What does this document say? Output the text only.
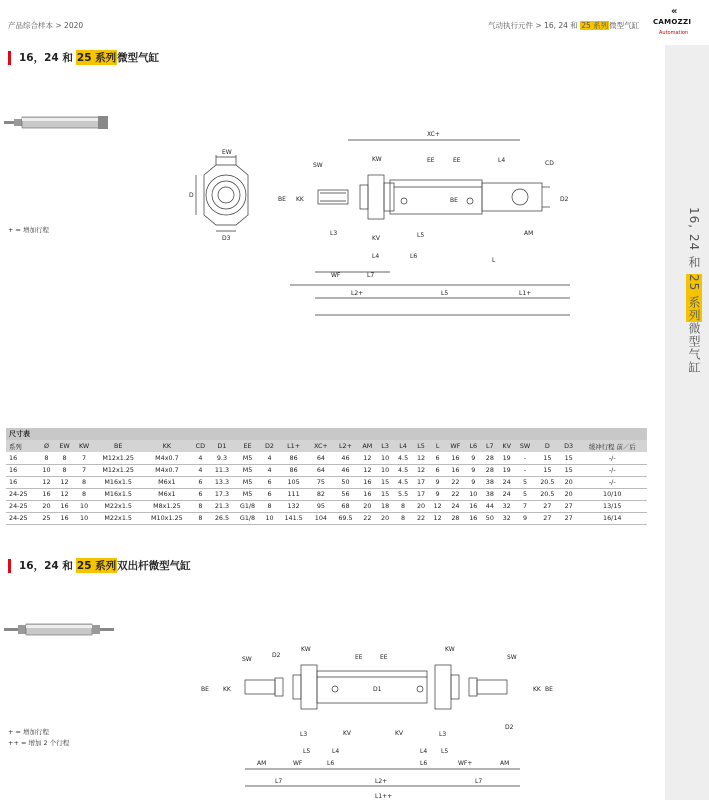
16, 24 和 25 系列微型气缸
«
CAMOZZI
Automation
产品综合样本 > 2020	气动执行元件 > 16, 24 和 25 系列微型气缸
16，24 和 25 系列 微型气缸
+ = 增加行程
EW
D
D3
XC+
KW	EE	EE	L4	CD
SW
BE KK	BE	D2
L3
KV	L5
L4	L6
L
AM
WF	L7
L2+	L5	L1+
尺寸表
系列	Ø	EW	KW	BE	KK	CD	D1	EE	D2	L1+	XC+	L2+	AM	L3	L4	L5	L	WF	L6	L7	KV	SW	D	D3	缓冲行程 前／后
16	8	8	7	M12x1.25	M4x0.7	4	9.3	M5	4	86	64	46	12	10	4.5	12	6	16	9	28	19	-	15	15	-/-
16	10	8	7	M12x1.25	M4x0.7	4	11.3	M5	4	86	64	46	12	10	4.5	12	6	16	9	28	19	-	15	15	-/-
16	12	12	8	M16x1.5	M6x1	6	13.3	M5	6	105	75	50	16	15	4.5	17	9	22	9	38	24	5	20.5	20	-/-
24-25	16	12	8	M16x1.5	M6x1	6	17.3	M5	6	111	82	56	16	15	5.5	17	9	22	10	38	24	5	20.5	20	10/10
24-25	20	16	10	M22x1.5	M8x1.25	8	21.3	G1/8	8	132	95	68	20	18	8	20	12	24	16	44	32	7	27	27	13/15
24-25	25	16	10	M22x1.5	M10x1.25	8	26.5	G1/8	10	141.5	104	69.5	22	20	8	22	12	28	16	50	32	9	27	27	16/14
16，24 和 25 系列 双出杆微型气缸
+ = 增加行程
++ = 增加 2 个行程
KW	KW
SW
D2	EE	EE
D2
SW
BE KK	D1	BE
KK
L3	L3
L5	L5
L4	L4
KV	KV
AM	WF	L6	L6	WF+	AM
L7	L2+	L7
L1++
